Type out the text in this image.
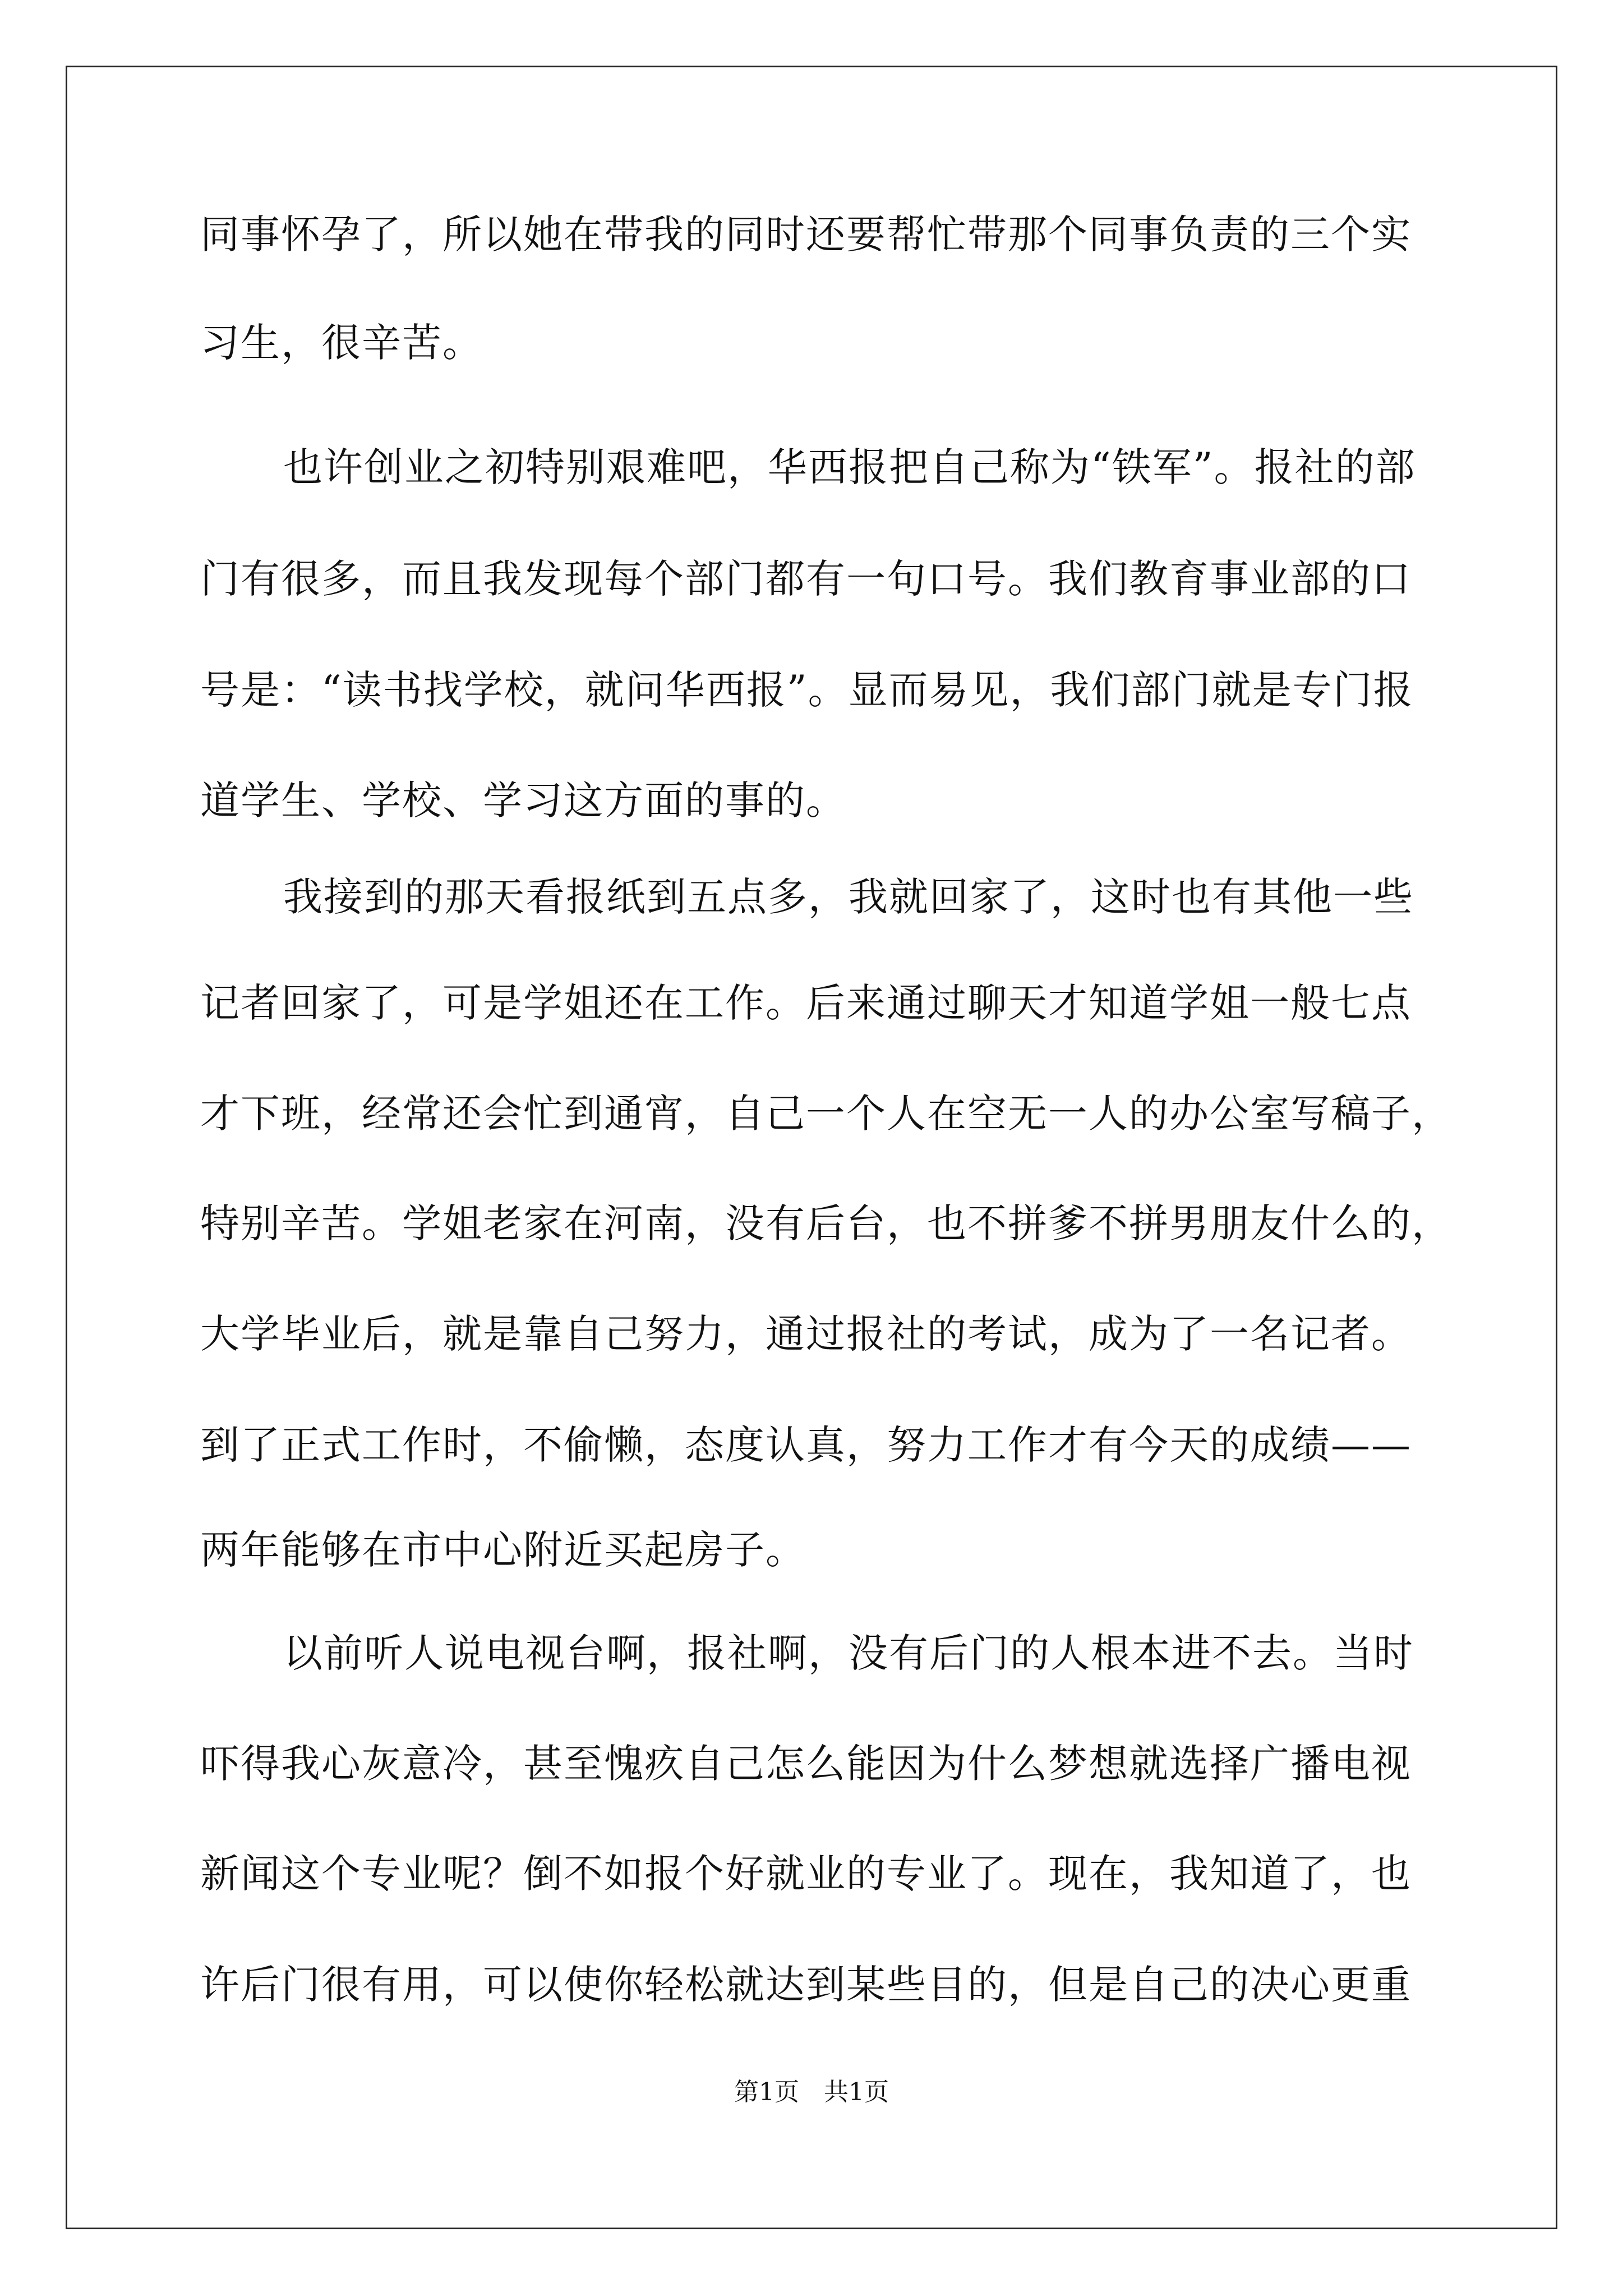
同事怀孕了，所以她在带我的同时还要帮忙带那个同事负责的三个实
习生，很辛苦。
也许创业之初特别艰难吧，华西报把自己称为“铁军”。报社的部
门有很多，而且我发现每个部门都有一句口号。我们教育事业部的口
号是：“读书找学校，就问华西报”。显而易见，我们部门就是专门报
道学生、学校、学习这方面的事的。
我接到的那天看报纸到五点多，我就回家了，这时也有其他一些
记者回家了，可是学姐还在工作。后来通过聊天才知道学姐一般七点
才下班，经常还会忙到通宵，自己一个人在空无一人的办公室写稿子，
特别辛苦。学姐老家在河南，没有后台，也不拼爹不拼男朋友什么的，
大学毕业后，就是靠自己努力，通过报社的考试，成为了一名记者。
到了正式工作时，不偷懒，态度认真，努力工作才有今天的成绩——
两年能够在市中心附近买起房子。
以前听人说电视台啊，报社啊，没有后门的人根本进不去。当时
吓得我心灰意冷，甚至愧疚自己怎么能因为什么梦想就选择广播电视
新闻这个专业呢？倒不如报个好就业的专业了。现在，我知道了，也
许后门很有用，可以使你轻松就达到某些目的，但是自己的决心更重
第1页　共1页
